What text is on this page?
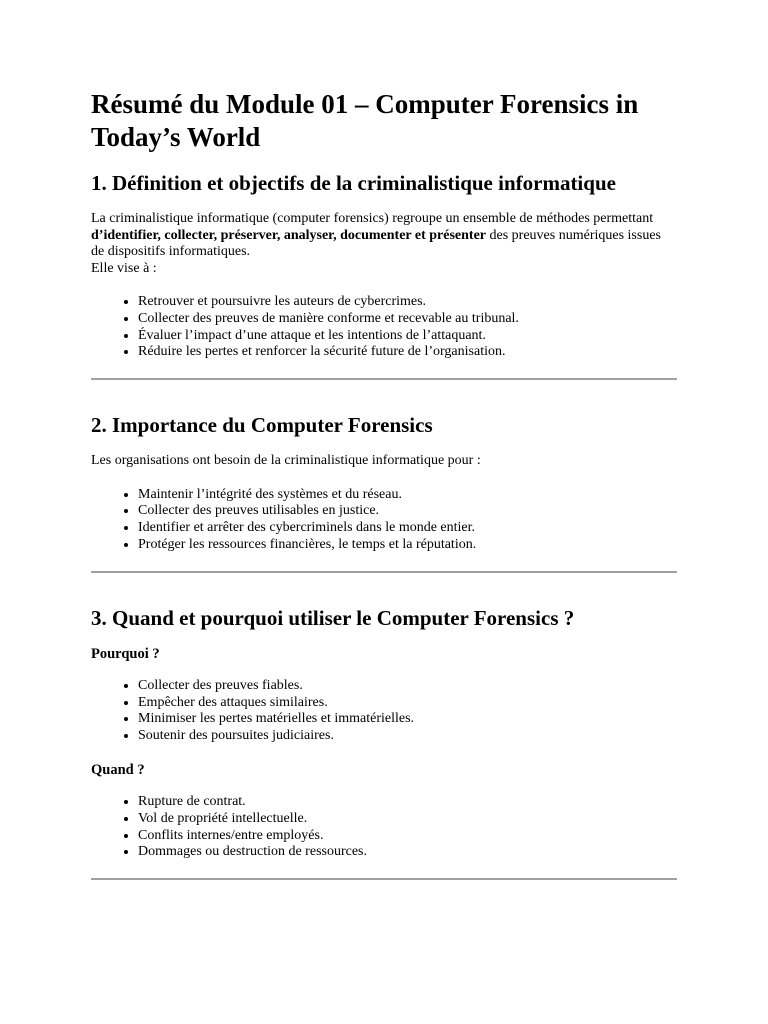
Résumé du Module 01 – Computer Forensics in Today’s World
1. Définition et objectifs de la criminalistique informatique

La criminalistique informatique (computer forensics) regroupe un ensemble de méthodes permettant d’identifier, collecter, préserver, analyser, documenter et présenter des preuves numériques issues de dispositifs informatiques.
Elle vise à :

• Retrouver et poursuivre les auteurs de cybercrimes.
• Collecter des preuves de manière conforme et recevable au tribunal.
• Évaluer l’impact d’une attaque et les intentions de l’attaquant.
• Réduire les pertes et renforcer la sécurité future de l’organisation.
2. Importance du Computer Forensics

Les organisations ont besoin de la criminalistique informatique pour :

• Maintenir l’intégrité des systèmes et du réseau.
• Collecter des preuves utilisables en justice.
• Identifier et arrêter des cybercriminels dans le monde entier.
• Protéger les ressources financières, le temps et la réputation.
3. Quand et pourquoi utiliser le Computer Forensics ?
Pourquoi ?
• Collecter des preuves fiables.
• Empêcher des attaques similaires.
• Minimiser les pertes matérielles et immatérielles.
• Soutenir des poursuites judiciaires.
Quand ?
• Rupture de contrat.
• Vol de propriété intellectuelle.
• Conflits internes/entre employés.
• Dommages ou destruction de ressources.
